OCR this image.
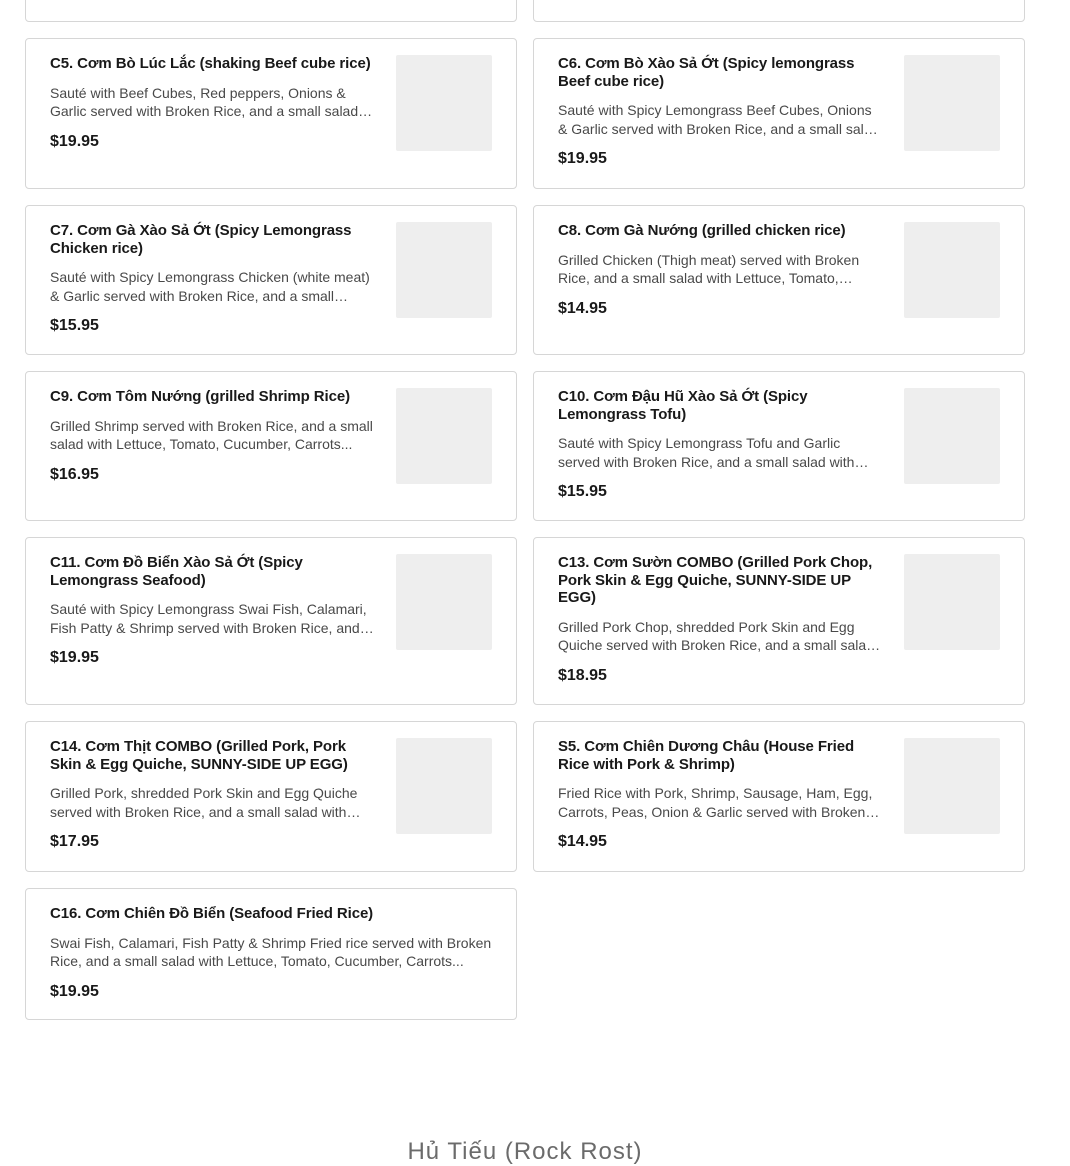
C5. Cơm Bò Lúc Lắc (shaking Beef cube rice)

Sauté with Beef Cubes, Red peppers, Onions & Garlic served with Broken Rice, and a small salad

$19.95

C6. Cơm Bò Xào Sả Ớt (Spicy lemongrass Beef cube rice)

Sauté with Spicy Lemongrass Beef Cubes, Onions & Garlic served with Broken Rice, and a small salad

$19.95

C7. Cơm Gà Xào Sả Ớt (Spicy Lemongrass Chicken rice)

Sauté with Spicy Lemongrass Chicken (white meat) & Garlic served with Broken Rice, and a small

$15.95

C8. Cơm Gà Nướng (grilled chicken rice)

Grilled Chicken (Thigh meat) served with Broken Rice, and a small salad with Lettuce, Tomato,

$14.95

C9. Cơm Tôm Nướng (grilled Shrimp Rice)

Grilled Shrimp served with Broken Rice, and a small salad with Lettuce, Tomato, Cucumber, Carrots...

$16.95

C10. Cơm Đậu Hũ Xào Sả Ớt (Spicy Lemongrass Tofu)

Sauté with Spicy Lemongrass Tofu and Garlic served with Broken Rice, and a small salad with

$15.95

C11. Cơm Đồ Biển Xào Sả Ớt (Spicy Lemongrass Seafood)

Sauté with Spicy Lemongrass Swai Fish, Calamari, Fish Patty & Shrimp served with Broken Rice, and a

$19.95

C13. Cơm Sườn COMBO (Grilled Pork Chop, Pork Skin & Egg Quiche, SUNNY-SIDE UP EGG)

Grilled Pork Chop, shredded Pork Skin and Egg Quiche served with Broken Rice, and a small salad

$18.95

C14. Cơm Thịt COMBO (Grilled Pork, Pork Skin & Egg Quiche, SUNNY-SIDE UP EGG)

Grilled Pork, shredded Pork Skin and Egg Quiche served with Broken Rice, and a small salad with

$17.95

S5. Cơm Chiên Dương Châu (House Fried Rice with Pork & Shrimp)

Fried Rice with Pork, Shrimp, Sausage, Ham, Egg, Carrots, Peas, Onion & Garlic served with Broken

$14.95

C16. Cơm Chiên Đồ Biển (Seafood Fried Rice)

Swai Fish, Calamari, Fish Patty & Shrimp Fried rice served with Broken Rice, and a small salad with Lettuce, Tomato, Cucumber, Carrots...

$19.95

Hủ Tiếu (Rock Rost)
